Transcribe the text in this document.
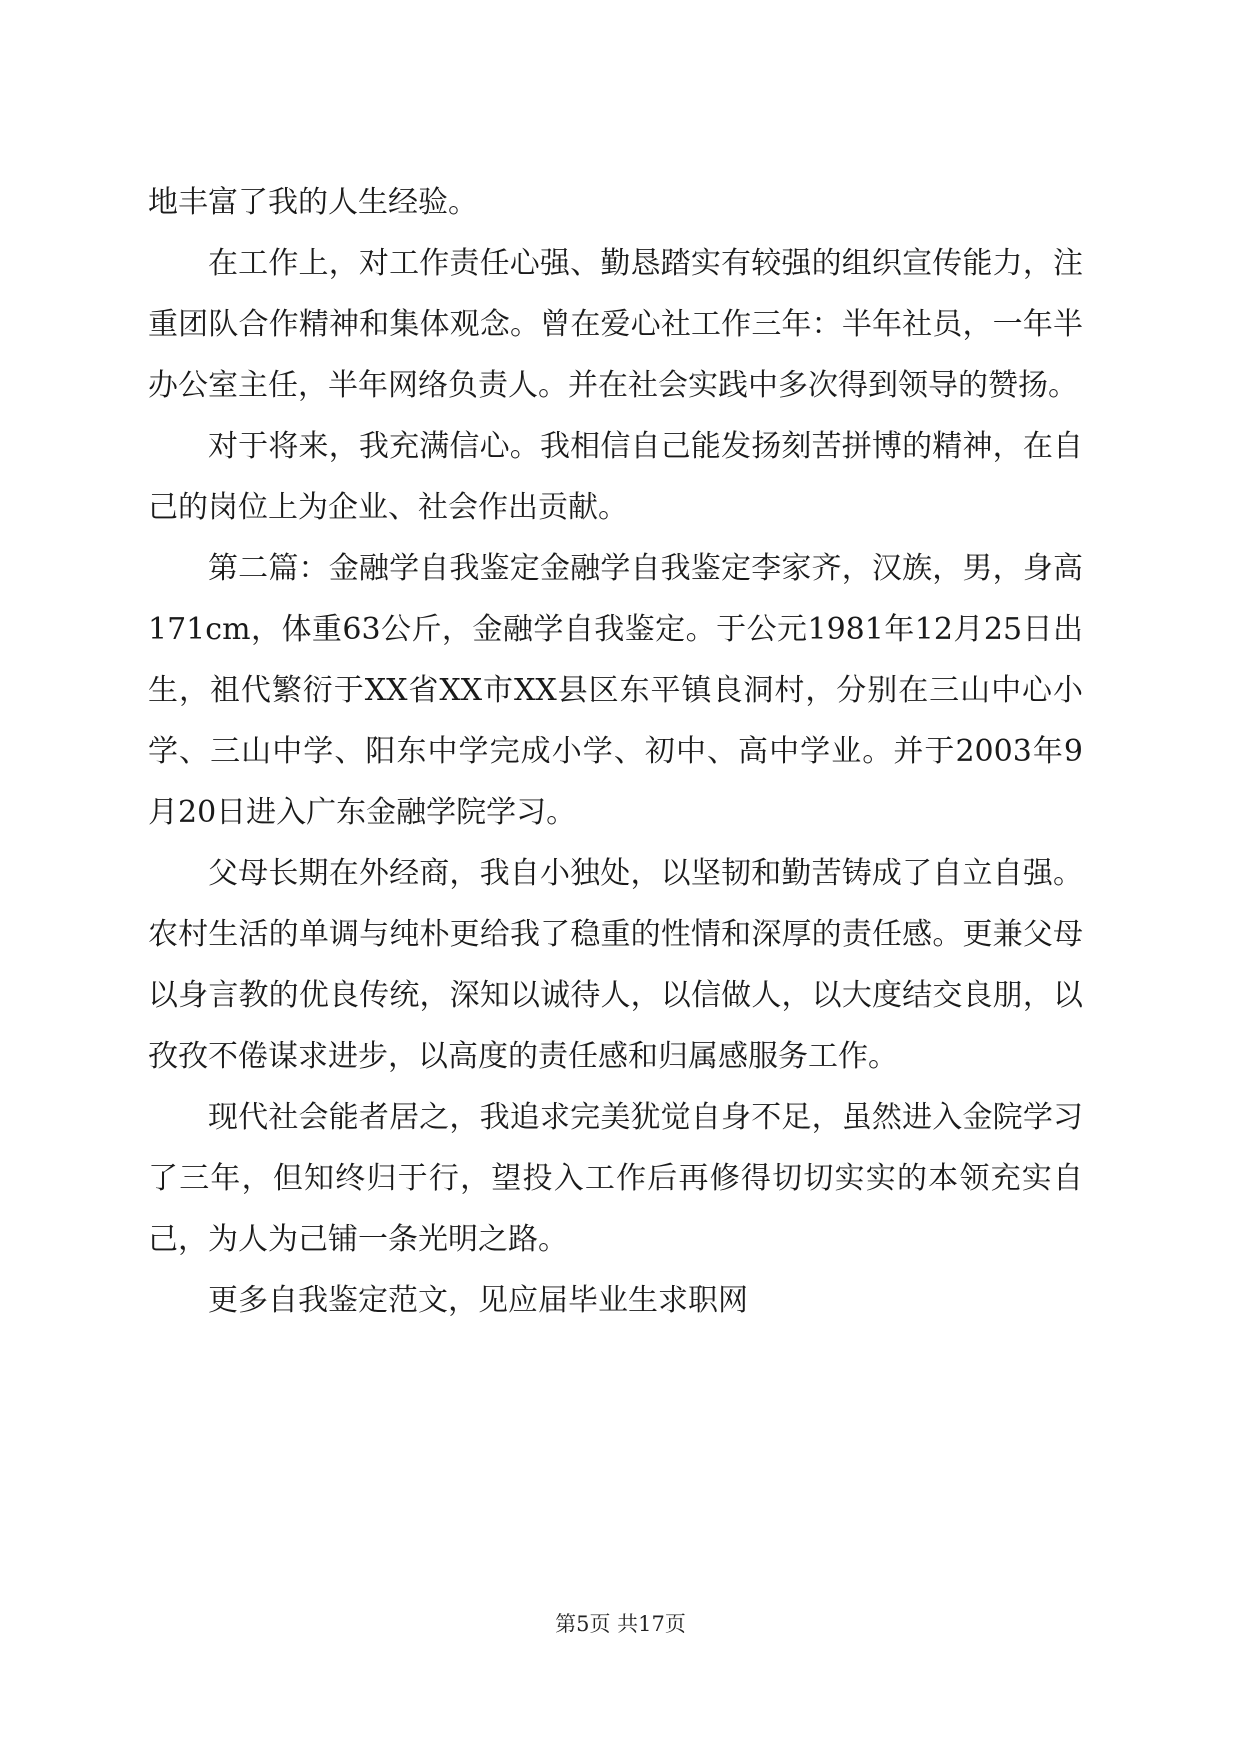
地丰富了我的人生经验。

在工作上，对工作责任心强、勤恳踏实有较强的组织宣传能力，注重团队合作精神和集体观念。曾在爱心社工作三年：半年社员，一年半办公室主任，半年网络负责人。并在社会实践中多次得到领导的赞扬。

对于将来，我充满信心。我相信自己能发扬刻苦拼博的精神，在自己的岗位上为企业、社会作出贡献。

第二篇：金融学自我鉴定金融学自我鉴定李家齐，汉族，男，身高171cm，体重63公斤，金融学自我鉴定。于公元1981年12月25日出生，祖代繁衍于XX省XX市XX县区东平镇良洞村，分别在三山中心小学、三山中学、阳东中学完成小学、初中、高中学业。并于2003年9月20日进入广东金融学院学习。

父母长期在外经商，我自小独处，以坚韧和勤苦铸成了自立自强。农村生活的单调与纯朴更给我了稳重的性情和深厚的责任感。更兼父母以身言教的优良传统，深知以诚待人，以信做人，以大度结交良朋，以孜孜不倦谋求进步，以高度的责任感和归属感服务工作。

现代社会能者居之，我追求完美犹觉自身不足，虽然进入金院学习了三年，但知终归于行，望投入工作后再修得切切实实的本领充实自己，为人为己铺一条光明之路。

更多自我鉴定范文，见应届毕业生求职网

第5页 共17页
